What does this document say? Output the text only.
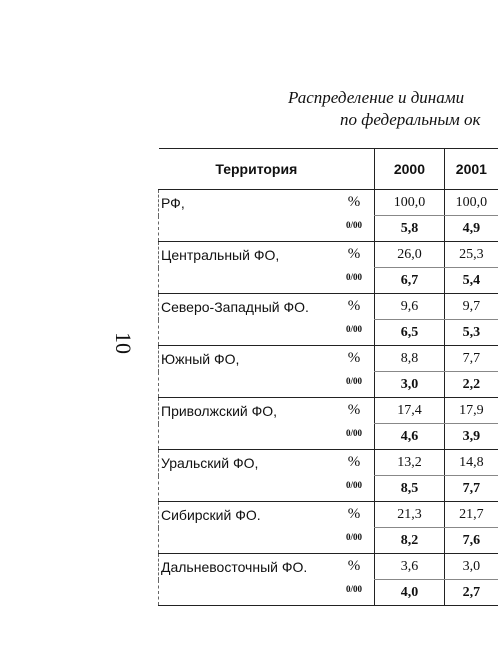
Распределение и динами
по федеральным ок
10
Территория		2000	2001
РФ,	%	100,0	100,0
	$^{0/00}$	5,8	4,9
Центральный ФО,	%	26,0	25,3
	$^{0/00}$	6,7	5,4
Северо-Западный ФО.	%	9,6	9,7
	$^{0/00}$	6,5	5,3
Южный ФО,	%	8,8	7,7
	$^{0/00}$	3,0	2,2
Приволжский ФО,	%	17,4	17,9
	$^{0/00}$	4,6	3,9
Уральский ФО,	%	13,2	14,8
	$^{0/00}$	8,5	7,7
Сибирский ФО.	%	21,3	21,7
	$^{0/00}$	8,2	7,6
Дальневосточный ФО.	%	3,6	3,0
	$^{0/00}$	4,0	2,7
